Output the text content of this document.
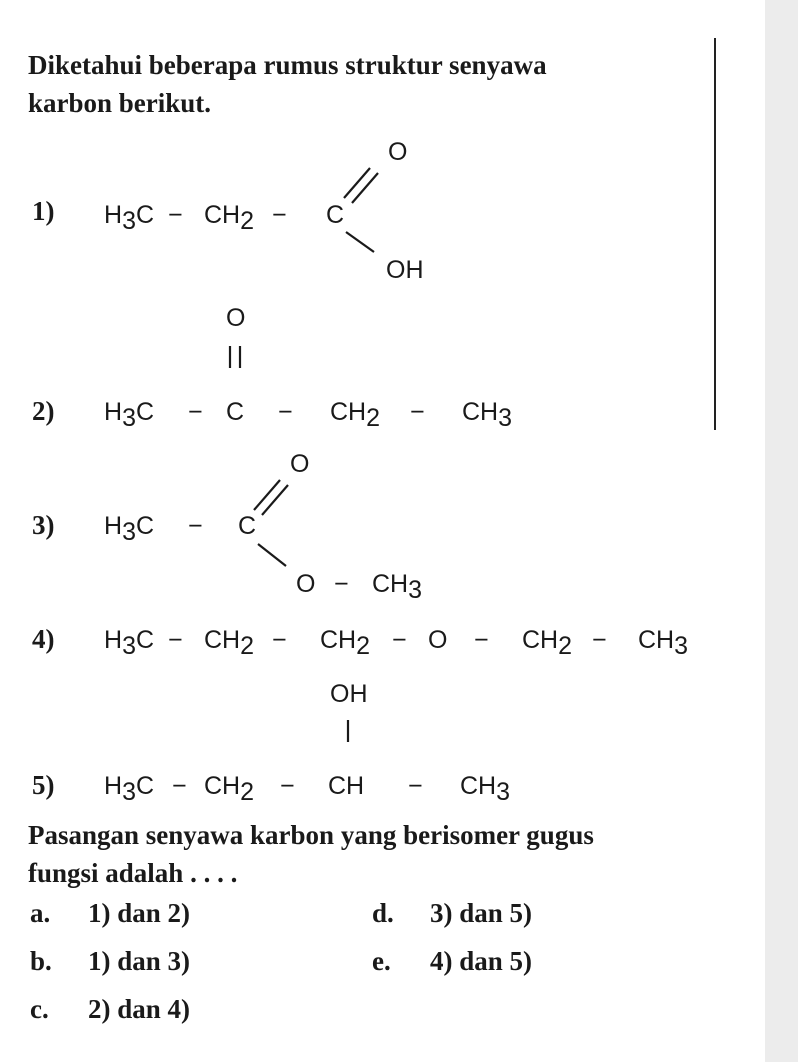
Diketahui beberapa rumus struktur senyawa
karbon berikut.
1)
2)
3)
4)
5)
H3C − CH2 − C
O
OH
O
H3C − C − CH2 − CH3
O
H3C − C
O − CH3
H3C − CH2 − CH2 − O − CH2 − CH3
OH
H3C − CH2 − CH − CH3
Pasangan senyawa karbon yang berisomer gugus
fungsi adalah . . . .
a. 1) dan 2)
b. 1) dan 3)
c. 2) dan 4)
d. 3) dan 5)
e. 4) dan 5)
